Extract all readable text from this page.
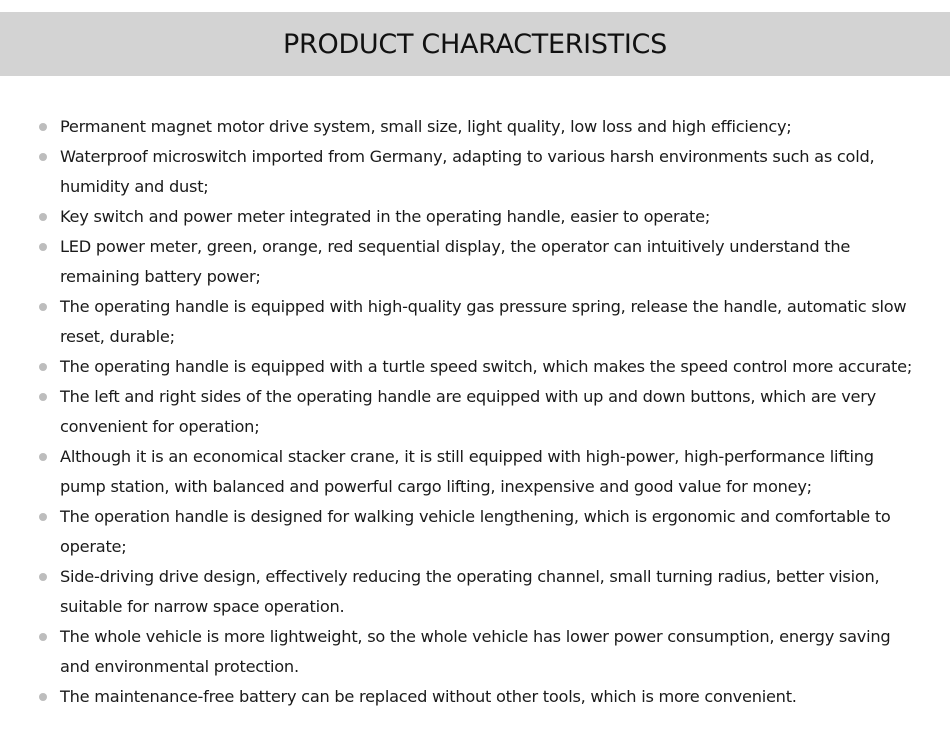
PRODUCT CHARACTERISTICS
Permanent magnet motor drive system, small size, light quality, low loss and high efficiency;
Waterproof microswitch imported from Germany, adapting to various harsh environments such as cold, humidity and dust;
Key switch and power meter integrated in the operating handle, easier to operate;
LED power meter, green, orange, red sequential display, the operator can intuitively understand the remaining battery power;
The operating handle is equipped with high-quality gas pressure spring, release the handle, automatic slow reset, durable;
The operating handle is equipped with a turtle speed switch, which makes the speed control more accurate;
The left and right sides of the operating handle are equipped with up and down buttons, which are very convenient for operation;
Although it is an economical stacker crane, it is still equipped with high-power, high-performance lifting pump station, with balanced and powerful cargo lifting, inexpensive and good value for money;
The operation handle is designed for walking vehicle lengthening, which is ergonomic and comfortable to operate;
Side-driving drive design, effectively reducing the operating channel, small turning radius, better vision, suitable for narrow space operation.
The whole vehicle is more lightweight, so the whole vehicle has lower power consumption, energy saving and environmental protection.
The maintenance-free battery can be replaced without other tools, which is more convenient.
